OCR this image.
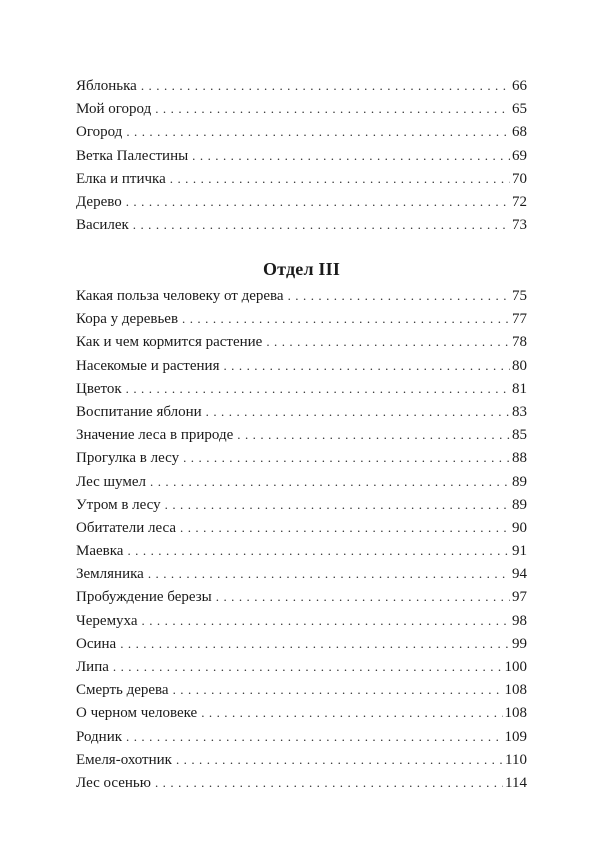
Яблонька . . .	66
Мой огород . . .	65
Огород . . .	68
Ветка Палестины . . .	69
Елка и птичка . . .	70
Дерево . . .	72
Василек . . .	73
Отдел III
Какая польза человеку от дерева . . .	75
Кора у деревьев . . .	77
Как и чем кормится растение . . .	78
Насекомые и растения . . .	80
Цветок . . .	81
Воспитание яблони . . .	83
Значение леса в природе . . .	85
Прогулка в лесу . . .	88
Лес шумел . . .	89
Утром в лесу . . .	89
Обитатели леса . . .	90
Маевка . . .	91
Земляника . . .	94
Пробуждение березы . . .	97
Черемуха . . .	98
Осина . . .	99
Липа . . .	100
Смерть дерева . . .	108
О черном человеке . . .	108
Родник . . .	109
Емеля-охотник . . .	110
Лес осенью . . .	114
